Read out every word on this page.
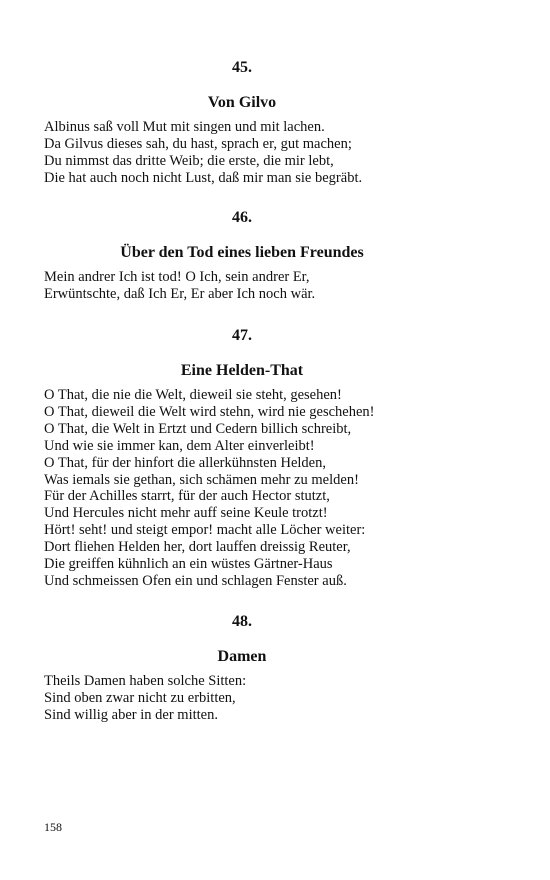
45.
Von Gilvo
Albinus saß voll Mut mit singen und mit lachen.
Da Gilvus dieses sah, du hast, sprach er, gut machen;
Du nimmst das dritte Weib; die erste, die mir lebt,
Die hat auch noch nicht Lust, daß mir man sie begräbt.
46.
Über den Tod eines lieben Freundes
Mein andrer Ich ist tod! O Ich, sein andrer Er,
Erwüntschte, daß Ich Er, Er aber Ich noch wär.
47.
Eine Helden-That
O That, die nie die Welt, dieweil sie steht, gesehen!
O That, dieweil die Welt wird stehn, wird nie geschehen!
O That, die Welt in Ertzt und Cedern billich schreibt,
Und wie sie immer kan, dem Alter einverleibt!
O That, für der hinfort die allerkühnsten Helden,
Was iemals sie gethan, sich schämen mehr zu melden!
Für der Achilles starrt, für der auch Hector stutzt,
Und Hercules nicht mehr auff seine Keule trotzt!
Hört! seht! und steigt empor! macht alle Löcher weiter:
Dort fliehen Helden her, dort lauffen dreissig Reuter,
Die greiffen kühnlich an ein wüstes Gärtner-Haus
Und schmeissen Ofen ein und schlagen Fenster auß.
48.
Damen
Theils Damen haben solche Sitten:
Sind oben zwar nicht zu erbitten,
Sind willig aber in der mitten.
158
